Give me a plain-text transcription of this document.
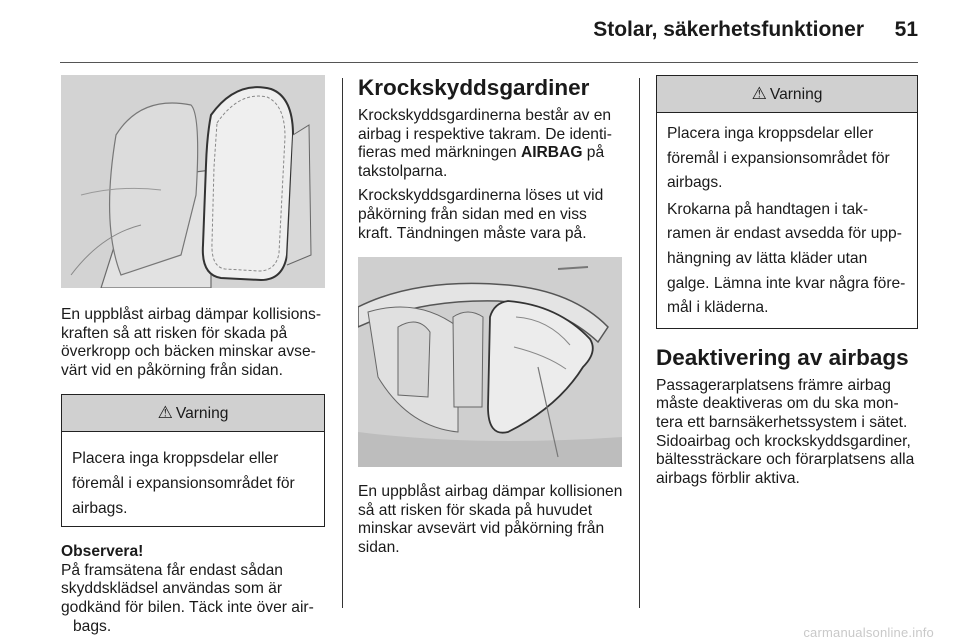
Stolar, säkerhetsfunktioner 51

En uppblåst airbag dämpar kollisions-

kraften så att risken för skada på

överkropp och bäcken minskar avse-

värt vid en påkörning från sidan.

⚠ Varning

Placera inga kroppsdelar eller

föremål i expansionsområdet för

airbags.

Observera!

På framsätena får endast sådan

skyddsklädsel användas som är

godkänd för bilen. Täck inte över air-

bags.

Krockskyddsgardiner

Krockskyddsgardinerna består av en

airbag i respektive takram. De identi-

fieras med märkningen AIRBAG på

takstolparna.

Krockskyddsgardinerna löses ut vid

påkörning från sidan med en viss

kraft. Tändningen måste vara på.

En uppblåst airbag dämpar kollisionen

så att risken för skada på huvudet

minskar avsevärt vid påkörning från

sidan.

⚠ Varning

Placera inga kroppsdelar eller

föremål i expansionsområdet för

airbags.

Krokarna på handtagen i tak-

ramen är endast avsedda för upp-

hängning av lätta kläder utan

galge. Lämna inte kvar några före-

mål i kläderna.

Deaktivering av airbags

Passagerarplatsens främre airbag

måste deaktiveras om du ska mon-

tera ett barnsäkerhetssystem i sätet.

Sidoairbag och krockskyddsgardiner,

bältessträckare och förarplatsens alla

airbags förblir aktiva.

carmanualsonline.info
